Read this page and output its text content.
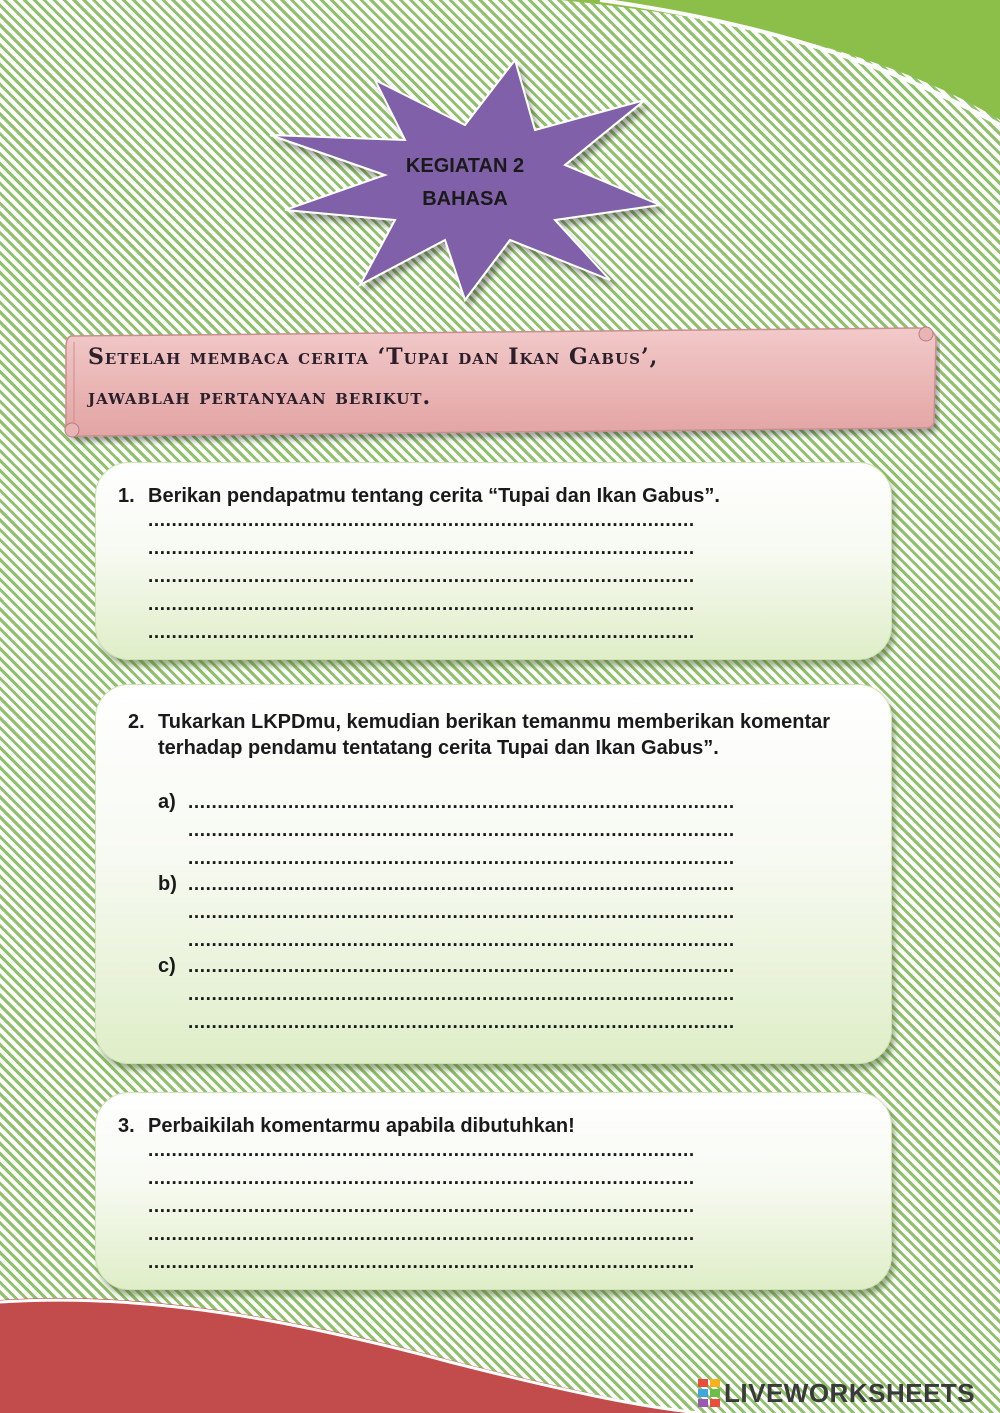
KEGIATAN 2
BAHASA
Setelah membaca cerita ‘Tupai dan Ikan Gabus’,
jawablah pertanyaan berikut.
1. Berikan pendapatmu tentang cerita “Tupai dan Ikan Gabus”.
.............................................................................................
.............................................................................................
.............................................................................................
.............................................................................................
.............................................................................................
2. Tukarkan LKPDmu, kemudian berikan temanmu memberikan komentar terhadap pendamu tentatang cerita Tupai dan Ikan Gabus”.
a) .............................................................................................
.............................................................................................
.............................................................................................
b) .............................................................................................
.............................................................................................
.............................................................................................
c) .............................................................................................
.............................................................................................
.............................................................................................
3. Perbaikilah komentarmu apabila dibutuhkan!
.............................................................................................
.............................................................................................
.............................................................................................
.............................................................................................
.............................................................................................
LIVEWORKSHEETS
